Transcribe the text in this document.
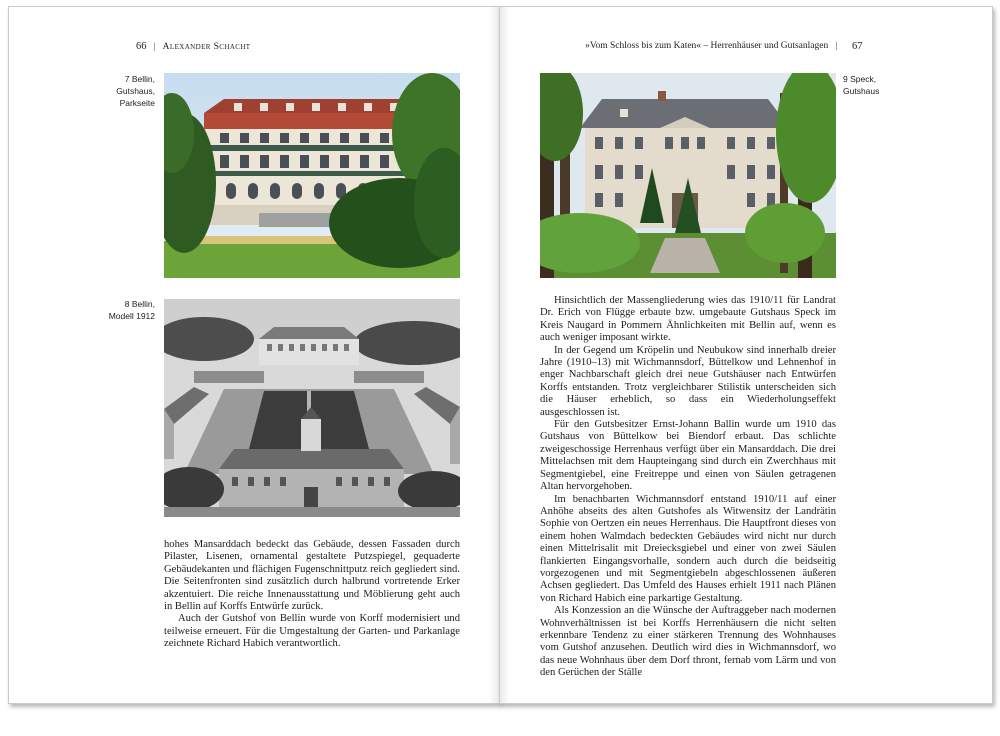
66 | Alexander Schacht
7 Bellin,
Gutshaus,
Parkseite
8 Bellin,
Modell 1912

hohes Mansarddach bedeckt das Gebäude, dessen Fassaden durch Pilaster, Lisenen, ornamental gestaltete Putzspiegel, gequaderte Gebäudekanten und flächigen Fugenschnittputz reich gegliedert sind. Die Seitenfronten sind zusätzlich durch halbrund vortretende Erker akzentuiert. Die reiche Innenausstattung und Möblierung geht auch in Bellin auf Korffs Entwürfe zurück.

Auch der Gutshof von Bellin wurde von Korff modernisiert und teilweise erneuert. Für die Umgestaltung der Garten- und Parkanlage zeichnete Richard Habich verantwortlich.

»Vom Schloss bis zum Katen« – Herrenhäuser und Gutsanlagen |	67
9 Speck,
Gutshaus

Hinsichtlich der Massengliederung wies das 1910/11 für Landrat Dr. Erich von Flügge erbaute bzw. umgebaute Gutshaus Speck im Kreis Naugard in Pommern Ähnlichkeiten mit Bellin auf, wenn es auch weniger imposant wirkte.

In der Gegend um Kröpelin und Neubukow sind innerhalb dreier Jahre (1910–13) mit Wichmannsdorf, Büttelkow und Lehnenhof in enger Nachbarschaft gleich drei neue Gutshäuser nach Entwürfen Korffs entstanden. Trotz vergleichbarer Stilistik unterscheiden sich die Häuser erheblich, so dass ein Wiederholungseffekt ausgeschlossen ist.

Für den Gutsbesitzer Ernst-Johann Ballin wurde um 1910 das Gutshaus von Büttelkow bei Biendorf erbaut. Das schlichte zweigeschossige Herrenhaus verfügt über ein Mansarddach. Die drei Mittelachsen mit dem Haupteingang sind durch ein Zwerchhaus mit Segmentgiebel, eine Freitreppe und einen von Säulen getragenen Altan hervorgehoben.

Im benachbarten Wichmannsdorf entstand 1910/11 auf einer Anhöhe abseits des alten Gutshofes als Witwensitz der Landrätin Sophie von Oertzen ein neues Herrenhaus. Die Hauptfront dieses von einem hohen Walmdach bedeckten Gebäudes wird nicht nur durch einen Mittelrisalit mit Dreiecksgiebel und einer von zwei Säulen flankierten Eingangsvorhalle, sondern auch durch die beidseitig vorgezogenen und mit Segmentgiebeln abgeschlossenen äußeren Achsen gegliedert. Das Umfeld des Hauses erhielt 1911 nach Plänen von Richard Habich eine parkartige Gestaltung.

Als Konzession an die Wünsche der Auftraggeber nach modernen Wohnverhältnissen ist bei Korffs Herrenhäusern die nicht selten erkennbare Tendenz zu einer stärkeren Trennung des Wohnhauses vom Gutshof anzusehen. Deutlich wird dies in Wichmannsdorf, wo das neue Wohnhaus über dem Dorf thront, fernab vom Lärm und von den Gerüchen der Ställe
